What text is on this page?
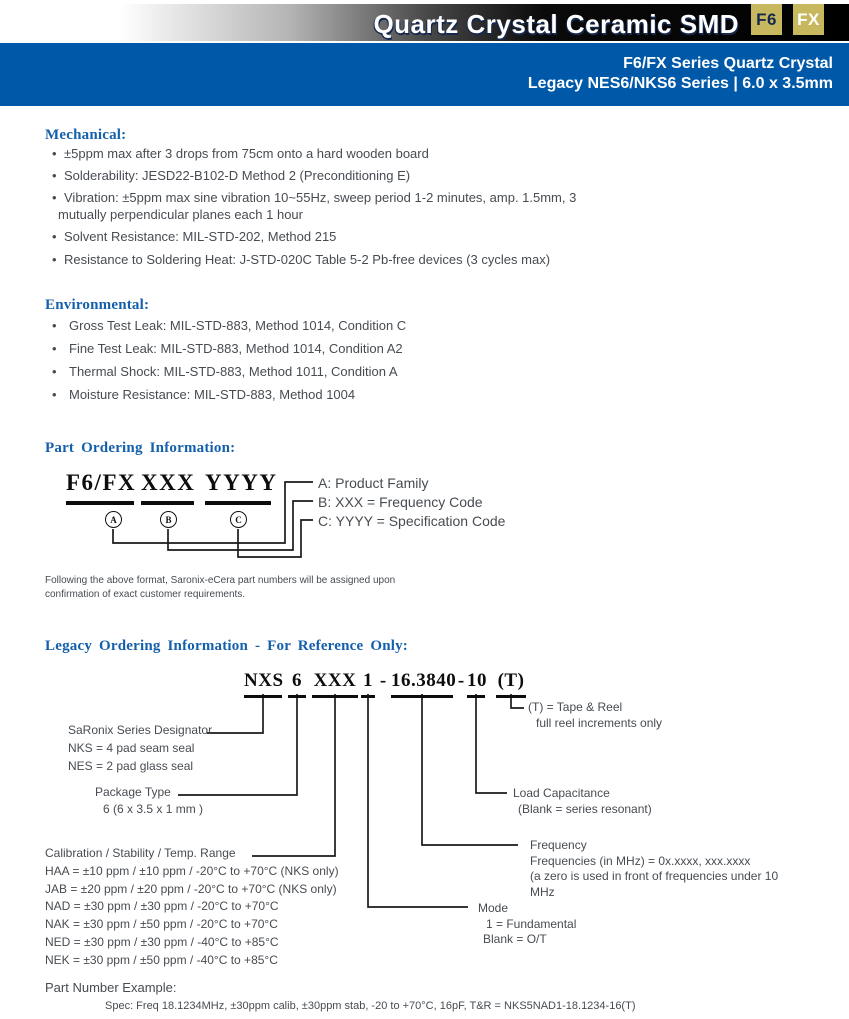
Quartz Crystal Ceramic SMD F6 FX
F6/FX Series Quartz Crystal
Legacy NES6/NKS6 Series | 6.0 x 3.5mm
Mechanical:
• ±5ppm max after 3 drops from 75cm onto a hard wooden board
• Solderability: JESD22-B102-D Method 2 (Preconditioning E)
• Vibration: ±5ppm max sine vibration 10~55Hz, sweep period 1-2 minutes, amp. 1.5mm, 3
mutually perpendicular planes each 1 hour
• Solvent Resistance: MIL-STD-202, Method 215
• Resistance to Soldering Heat: J-STD-020C Table 5-2 Pb-free devices (3 cycles max)
Environmental:
• Gross Test Leak: MIL-STD-883, Method 1014, Condition C
• Fine Test Leak: MIL-STD-883, Method 1014, Condition A2
• Thermal Shock: MIL-STD-883, Method 1011, Condition A
• Moisture Resistance: MIL-STD-883, Method 1004
Part Ordering Information:
F6/FX XXX YYYY
A	B	C
A: Product Family
B: XXX = Frequency Code
C: YYYY = Specification Code
Following the above format, Saronix-eCera part numbers will be assigned upon
confirmation of exact customer requirements.
Legacy Ordering Information - For Reference Only:
NXS 6 XXX 1 - 16.3840 - 10 (T)
SaRonix Series Designator
NKS = 4 pad seam seal
NES = 2 pad glass seal
Package Type
6 (6 x 3.5 x 1 mm )
(T) = Tape & Reel
full reel increments only
Load Capacitance
(Blank = series resonant)
Calibration / Stability / Temp. Range
HAA = ±10 ppm / ±10 ppm / -20°C to +70°C (NKS only)
JAB = ±20 ppm / ±20 ppm / -20°C to +70°C (NKS only)
NAD = ±30 ppm / ±30 ppm / -20°C to +70°C
NAK = ±30 ppm / ±50 ppm / -20°C to +70°C
NED = ±30 ppm / ±30 ppm / -40°C to +85°C
NEK = ±30 ppm / ±50 ppm / -40°C to +85°C
Frequency
Frequencies (in MHz) = 0x.xxxx, xxx.xxxx
(a zero is used in front of frequencies under 10
MHz
Mode
1 = Fundamental
Blank = O/T
Part Number Example:
Spec: Freq 18.1234MHz, ±30ppm calib, ±30ppm stab, -20 to +70°C, 16pF, T&R = NKS5NAD1-18.1234-16(T)
